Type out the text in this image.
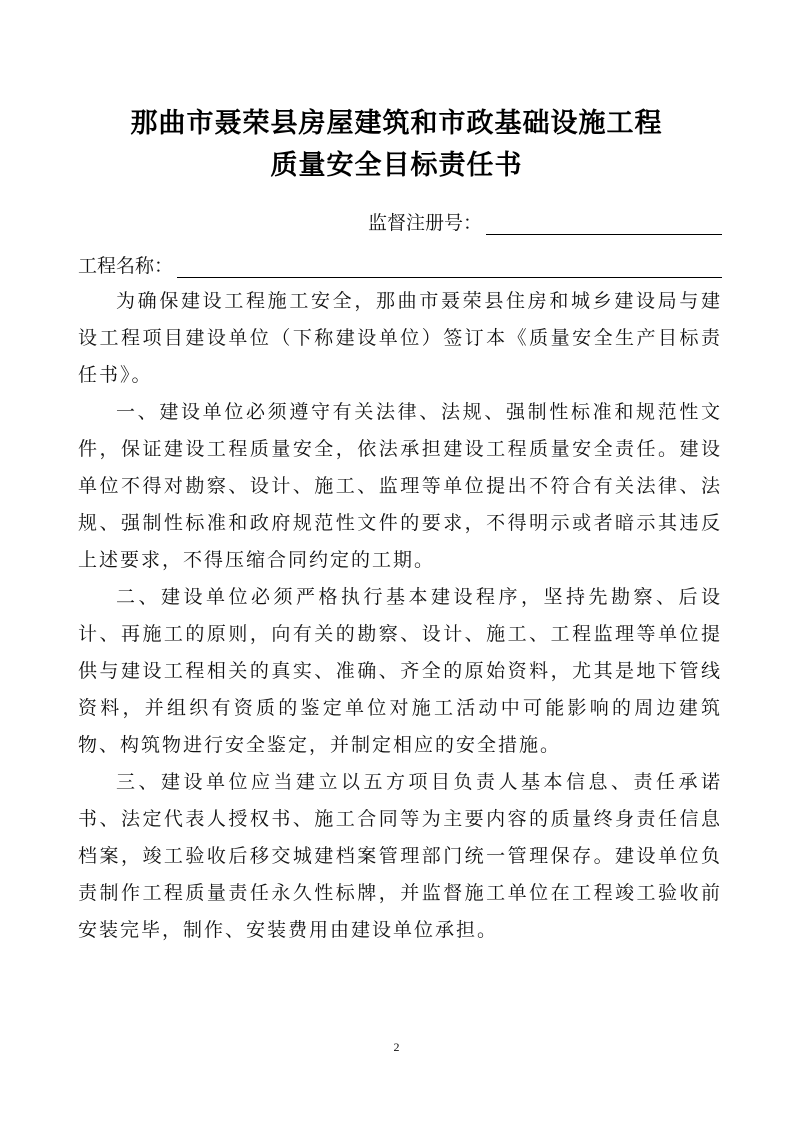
那曲市聂荣县房屋建筑和市政基础设施工程
质量安全目标责任书
监督注册号：
工程名称：

为确保建设工程施工安全，那曲市聂荣县住房和城乡建设局与建设工程项目建设单位（下称建设单位）签订本《质量安全生产目标责任书》。

一、建设单位必须遵守有关法律、法规、强制性标准和规范性文件，保证建设工程质量安全，依法承担建设工程质量安全责任。建设单位不得对勘察、设计、施工、监理等单位提出不符合有关法律、法规、强制性标准和政府规范性文件的要求，不得明示或者暗示其违反上述要求，不得压缩合同约定的工期。

二、建设单位必须严格执行基本建设程序，坚持先勘察、后设计、再施工的原则，向有关的勘察、设计、施工、工程监理等单位提供与建设工程相关的真实、准确、齐全的原始资料，尤其是地下管线资料，并组织有资质的鉴定单位对施工活动中可能影响的周边建筑物、构筑物进行安全鉴定，并制定相应的安全措施。

三、建设单位应当建立以五方项目负责人基本信息、责任承诺书、法定代表人授权书、施工合同等为主要内容的质量终身责任信息档案，竣工验收后移交城建档案管理部门统一管理保存。建设单位负责制作工程质量责任永久性标牌，并监督施工单位在工程竣工验收前安装完毕，制作、安装费用由建设单位承担。

2
